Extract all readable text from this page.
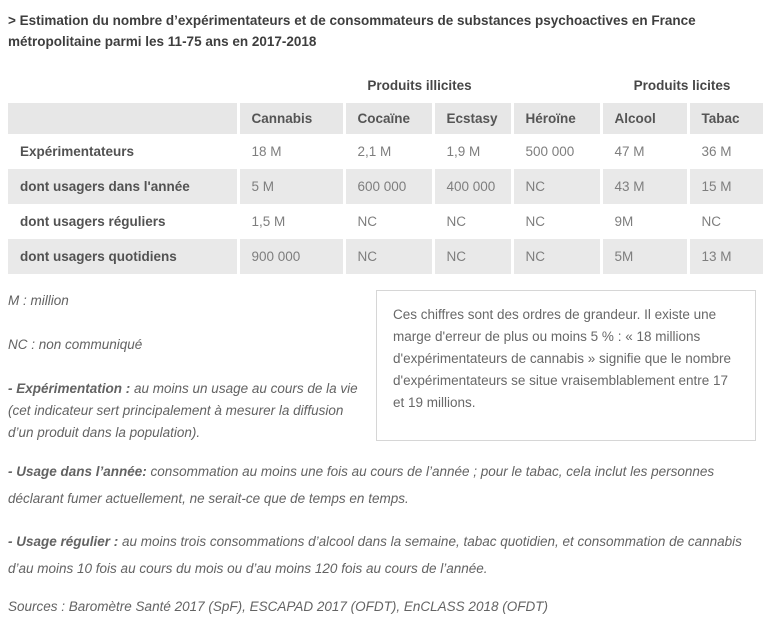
> Estimation du nombre d’expérimentateurs et de consommateurs de substances psychoactives en France métropolitaine parmi les 11-75 ans en 2017-2018
	Produits illicites				Produits licites	
	Cannabis	Cocaïne	Ecstasy	Héroïne	Alcool	Tabac
Expérimentateurs	18 M	2,1 M	1,9 M	500 000	47 M	36 M
dont usagers dans l'année	5 M	600 000	400 000	NC	43 M	15 M
dont usagers réguliers	1,5 M	NC	NC	NC	9M	NC
dont usagers quotidiens	900 000	NC	NC	NC	5M	13 M

M : million

NC : non communiqué

- Expérimentation : au moins un usage au cours de la vie (cet indicateur sert principalement à mesurer la diffusion d’un produit dans la population).

Ces chiffres sont des ordres de grandeur. Il existe une marge d'erreur de plus ou moins 5 % : « 18 millions d'expérimentateurs de cannabis » signifie que le nombre d'expérimentateurs se situe vraisemblablement entre 17 et 19 millions.

- Usage dans l’année: consommation au moins une fois au cours de l’année ; pour le tabac, cela inclut les personnes déclarant fumer actuellement, ne serait-ce que de temps en temps.

- Usage régulier : au moins trois consommations d’alcool dans la semaine, tabac quotidien, et consommation de cannabis d’au moins 10 fois au cours du mois ou d’au moins 120 fois au cours de l’année.

Sources : Baromètre Santé 2017 (SpF), ESCAPAD 2017 (OFDT), EnCLASS 2018 (OFDT)
